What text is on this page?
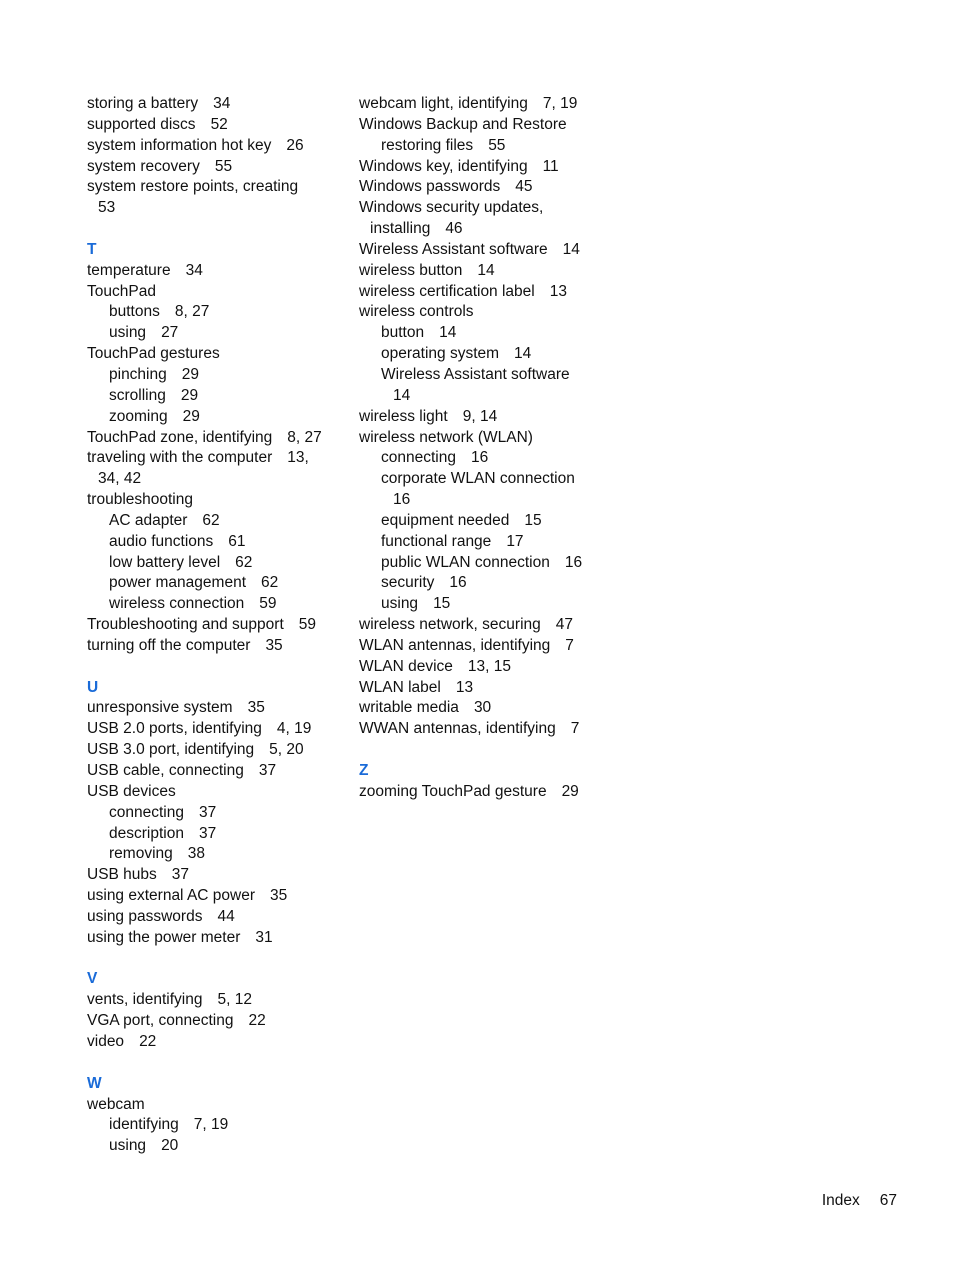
storing a battery 34
supported discs 52
system information hot key 26
system recovery 55
system restore points, creating
53
T
temperature 34
TouchPad
buttons 8, 27
using 27
TouchPad gestures
pinching 29
scrolling 29
zooming 29
TouchPad zone, identifying 8, 27
traveling with the computer 13,
34, 42
troubleshooting
AC adapter 62
audio functions 61
low battery level 62
power management 62
wireless connection 59
Troubleshooting and support 59
turning off the computer 35
U
unresponsive system 35
USB 2.0 ports, identifying 4, 19
USB 3.0 port, identifying 5, 20
USB cable, connecting 37
USB devices
connecting 37
description 37
removing 38
USB hubs 37
using external AC power 35
using passwords 44
using the power meter 31
V
vents, identifying 5, 12
VGA port, connecting 22
video 22
W
webcam
identifying 7, 19
using 20
webcam light, identifying 7, 19
Windows Backup and Restore
restoring files 55
Windows key, identifying 11
Windows passwords 45
Windows security updates,
installing 46
Wireless Assistant software 14
wireless button 14
wireless certification label 13
wireless controls
button 14
operating system 14
Wireless Assistant software
14
wireless light 9, 14
wireless network (WLAN)
connecting 16
corporate WLAN connection
16
equipment needed 15
functional range 17
public WLAN connection 16
security 16
using 15
wireless network, securing 47
WLAN antennas, identifying 7
WLAN device 13, 15
WLAN label 13
writable media 30
WWAN antennas, identifying 7
Z
zooming TouchPad gesture 29
Index 67
